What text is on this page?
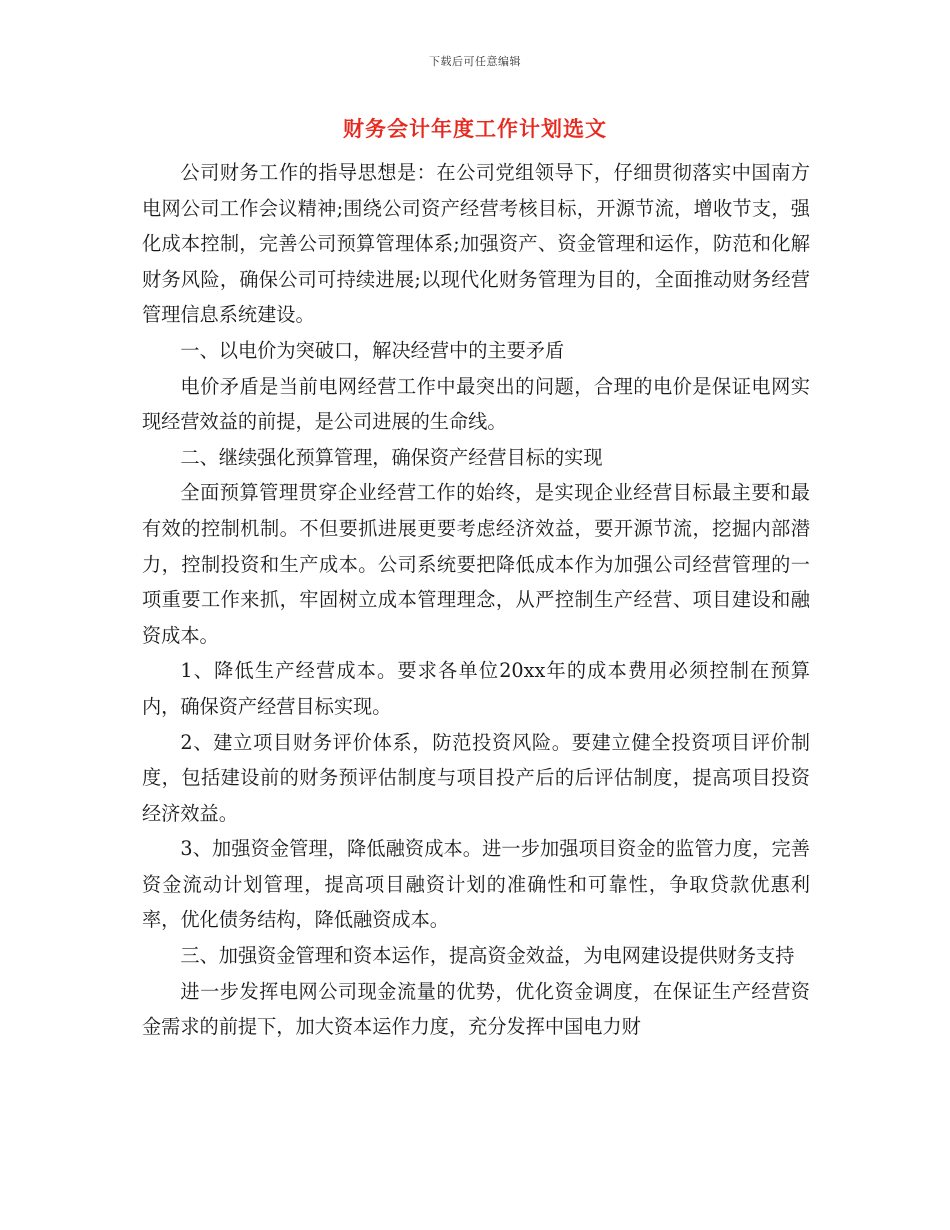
下载后可任意编辑
财务会计年度工作计划选文

公司财务工作的指导思想是：在公司党组领导下，仔细贯彻落实中国南方电网公司工作会议精神;围绕公司资产经营考核目标，开源节流，增收节支，强化成本控制，完善公司预算管理体系;加强资产、资金管理和运作，防范和化解财务风险，确保公司可持续进展;以现代化财务管理为目的，全面推动财务经营管理信息系统建设。

一、以电价为突破口，解决经营中的主要矛盾

电价矛盾是当前电网经营工作中最突出的问题，合理的电价是保证电网实现经营效益的前提，是公司进展的生命线。

二、继续强化预算管理，确保资产经营目标的实现

全面预算管理贯穿企业经营工作的始终，是实现企业经营目标最主要和最有效的控制机制。不但要抓进展更要考虑经济效益，要开源节流，挖掘内部潜力，控制投资和生产成本。公司系统要把降低成本作为加强公司经营管理的一项重要工作来抓，牢固树立成本管理理念，从严控制生产经营、项目建设和融资成本。

1、降低生产经营成本。要求各单位20xx年的成本费用必须控制在预算内，确保资产经营目标实现。

2、建立项目财务评价体系，防范投资风险。要建立健全投资项目评价制度，包括建设前的财务预评估制度与项目投产后的后评估制度，提高项目投资经济效益。

3、加强资金管理，降低融资成本。进一步加强项目资金的监管力度，完善资金流动计划管理，提高项目融资计划的准确性和可靠性，争取贷款优惠利率，优化债务结构，降低融资成本。

三、加强资金管理和资本运作，提高资金效益，为电网建设提供财务支持

进一步发挥电网公司现金流量的优势，优化资金调度，在保证生产经营资金需求的前提下，加大资本运作力度，充分发挥中国电力财
